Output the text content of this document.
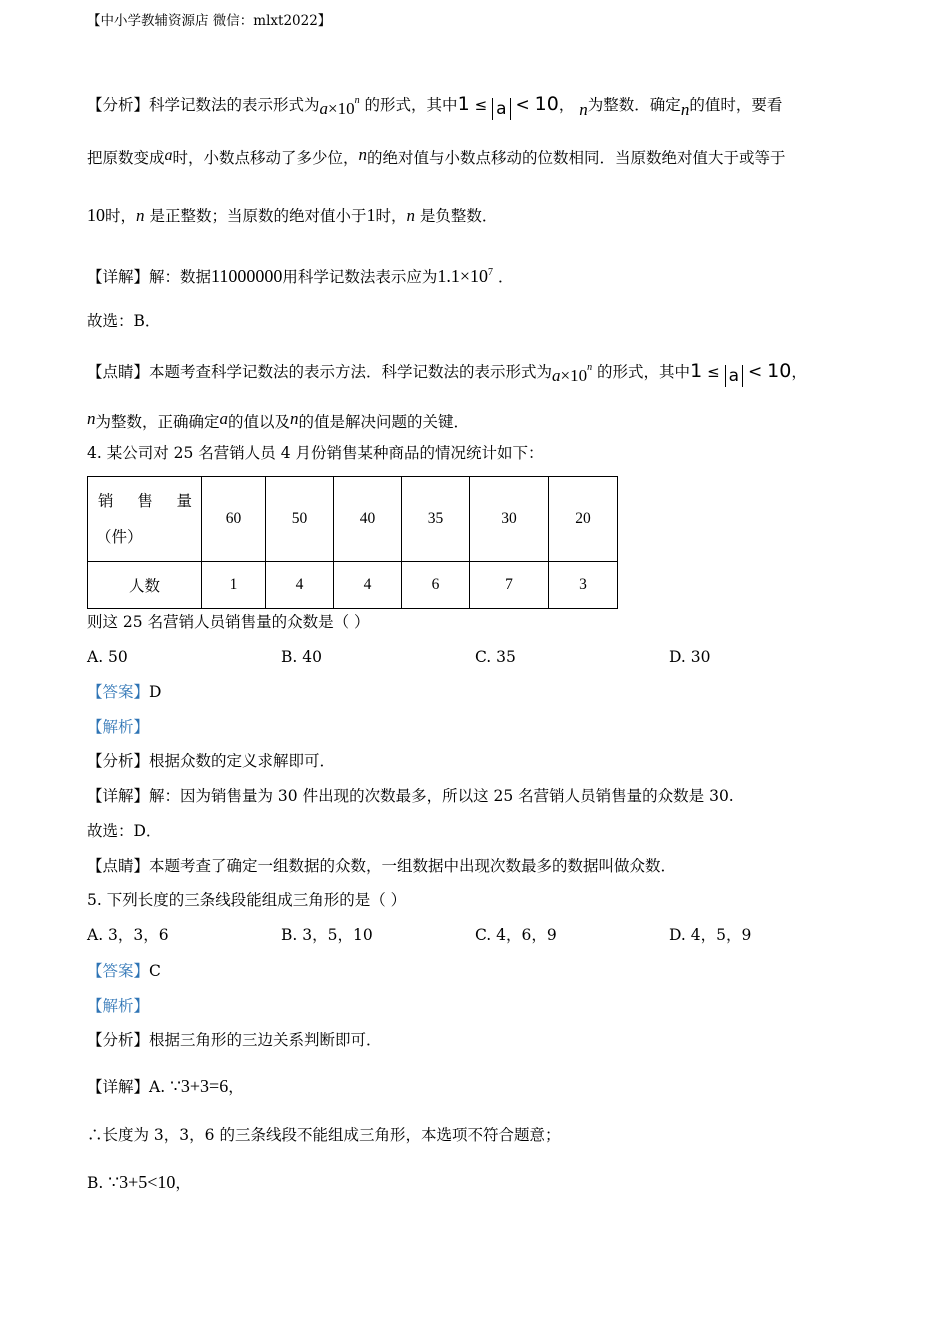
【中小学教辅资源店 微信：mlxt2022】
【分析】科学记数法的表示形式为$a\times 10^n$ 的形式，其中1 ≤ a < 10， n为整数．确定n的值时，要看
把原数变成a时，小数点移动了多少位，n的绝对值与小数点移动的位数相同．当原数绝对值大于或等于
10时，n 是正整数；当原数的绝对值小于1时，n 是负整数．
【详解】解：数据11000000用科学记数法表示应为$1.1\times 10^7$ ．
故选：B．
【点睛】本题考查科学记数法的表示方法．科学记数法的表示形式为$a\times 10^n$ 的形式，其中1 ≤ a < 10，
n为整数，正确确定a的值以及n的值是解决问题的关键．
4. 某公司对 25 名营销人员 4 月份销售某种商品的情况统计如下：
销 售 量
（件）	60	50	40	35	30	20
人数	1	4	4	6	7	3
则这 25 名营销人员销售量的众数是（ ）
A. 50	B. 40	C. 35	D. 30
【答案】D
【解析】
【分析】根据众数的定义求解即可．
【详解】解：因为销售量为 30 件出现的次数最多，所以这 25 名营销人员销售量的众数是 30.
故选：D．
【点睛】本题考查了确定一组数据的众数，一组数据中出现次数最多的数据叫做众数．
5. 下列长度的三条线段能组成三角形的是（ ）
A. 3，3，6	B. 3，5，10	C. 4，6，9	D. 4，5，9
【答案】C
【解析】
【分析】根据三角形的三边关系判断即可．
【详解】A. ∵3+3=6，
∴长度为 3，3，6 的三条线段不能组成三角形，本选项不符合题意；
B. ∵3+5<10，
